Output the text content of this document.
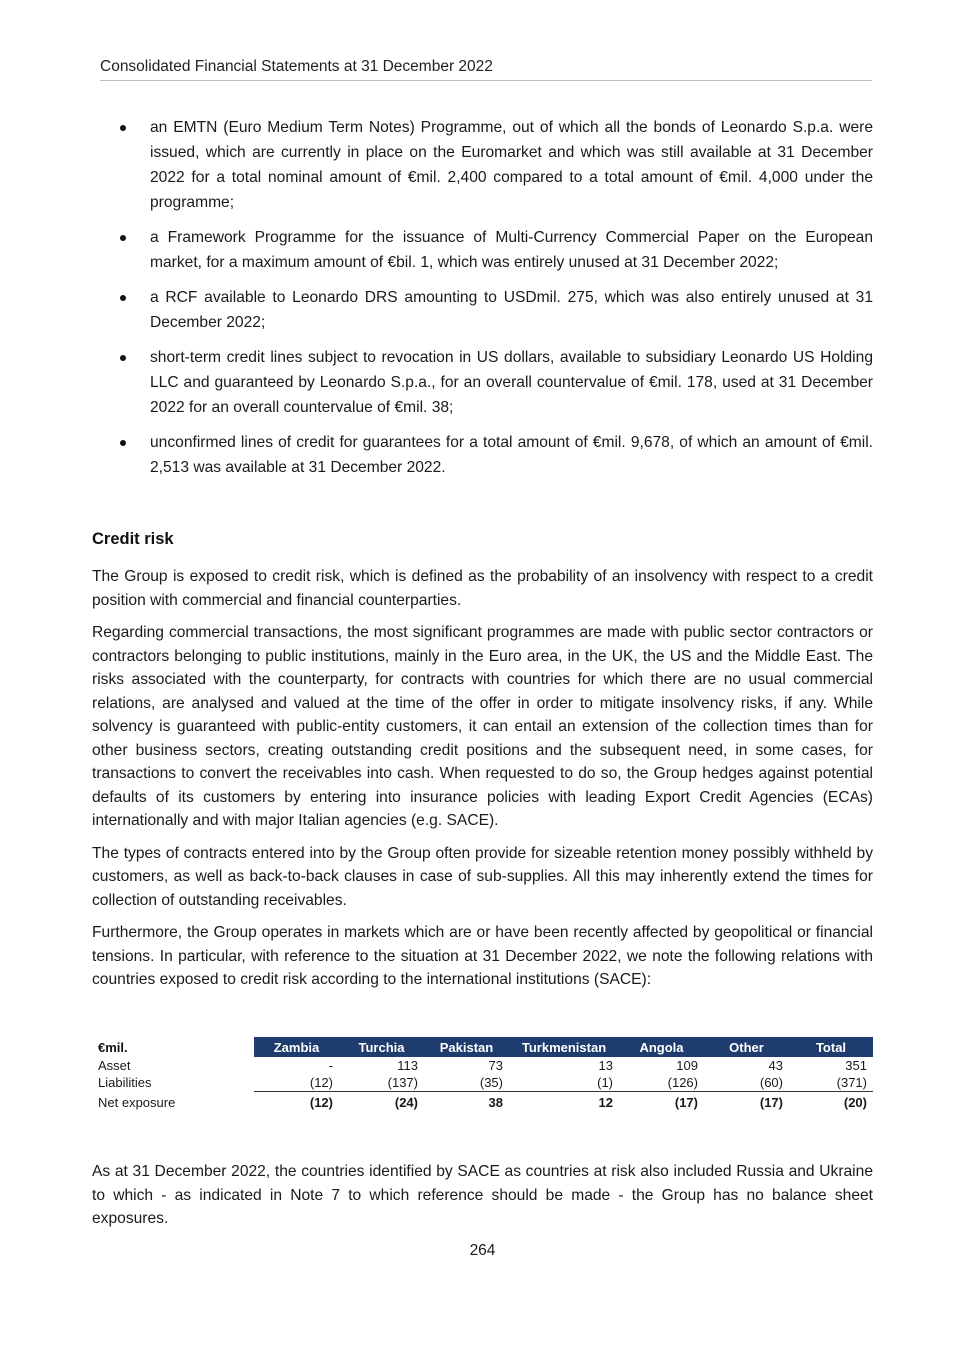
Consolidated Financial Statements at 31 December 2022
an EMTN (Euro Medium Term Notes) Programme, out of which all the bonds of Leonardo S.p.a. were issued, which are currently in place on the Euromarket and which was still available at 31 December 2022 for a total nominal amount of €mil. 2,400 compared to a total amount of €mil. 4,000 under the programme;
a Framework Programme for the issuance of Multi-Currency Commercial Paper on the European market, for a maximum amount of €bil. 1, which was entirely unused at 31 December 2022;
a RCF available to Leonardo DRS amounting to USDmil. 275, which was also entirely unused at 31 December 2022;
short-term credit lines subject to revocation in US dollars, available to subsidiary Leonardo US Holding LLC and guaranteed by Leonardo S.p.a., for an overall countervalue of €mil. 178, used at 31 December 2022 for an overall countervalue of €mil. 38;
unconfirmed lines of credit for guarantees for a total amount of €mil. 9,678, of which an amount of €mil. 2,513 was available at 31 December 2022.
Credit risk

The Group is exposed to credit risk, which is defined as the probability of an insolvency with respect to a credit position with commercial and financial counterparties.

Regarding commercial transactions, the most significant programmes are made with public sector contractors or contractors belonging to public institutions, mainly in the Euro area, in the UK, the US and the Middle East. The risks associated with the counterparty, for contracts with countries for which there are no usual commercial relations, are analysed and valued at the time of the offer in order to mitigate insolvency risks, if any. While solvency is guaranteed with public-entity customers, it can entail an extension of the collection times than for other business sectors, creating outstanding credit positions and the subsequent need, in some cases, for transactions to convert the receivables into cash. When requested to do so, the Group hedges against potential defaults of its customers by entering into insurance policies with leading Export Credit Agencies (ECAs) internationally and with major Italian agencies (e.g. SACE).

The types of contracts entered into by the Group often provide for sizeable retention money possibly withheld by customers, as well as back-to-back clauses in case of sub-supplies. All this may inherently extend the times for collection of outstanding receivables.

Furthermore, the Group operates in markets which are or have been recently affected by geopolitical or financial tensions. In particular, with reference to the situation at 31 December 2022, we note the following relations with countries exposed to credit risk according to the international institutions (SACE):

€mil.	Zambia	Turchia	Pakistan	Turkmenistan	Angola	Other	Total
Asset	-	113	73	13	109	43	351
Liabilities	(12)	(137)	(35)	(1)	(126)	(60)	(371)
Net exposure	(12)	(24)	38	12	(17)	(17)	(20)

As at 31 December 2022, the countries identified by SACE as countries at risk also included Russia and Ukraine to which - as indicated in Note 7 to which reference should be made - the Group has no balance sheet exposures.

264
